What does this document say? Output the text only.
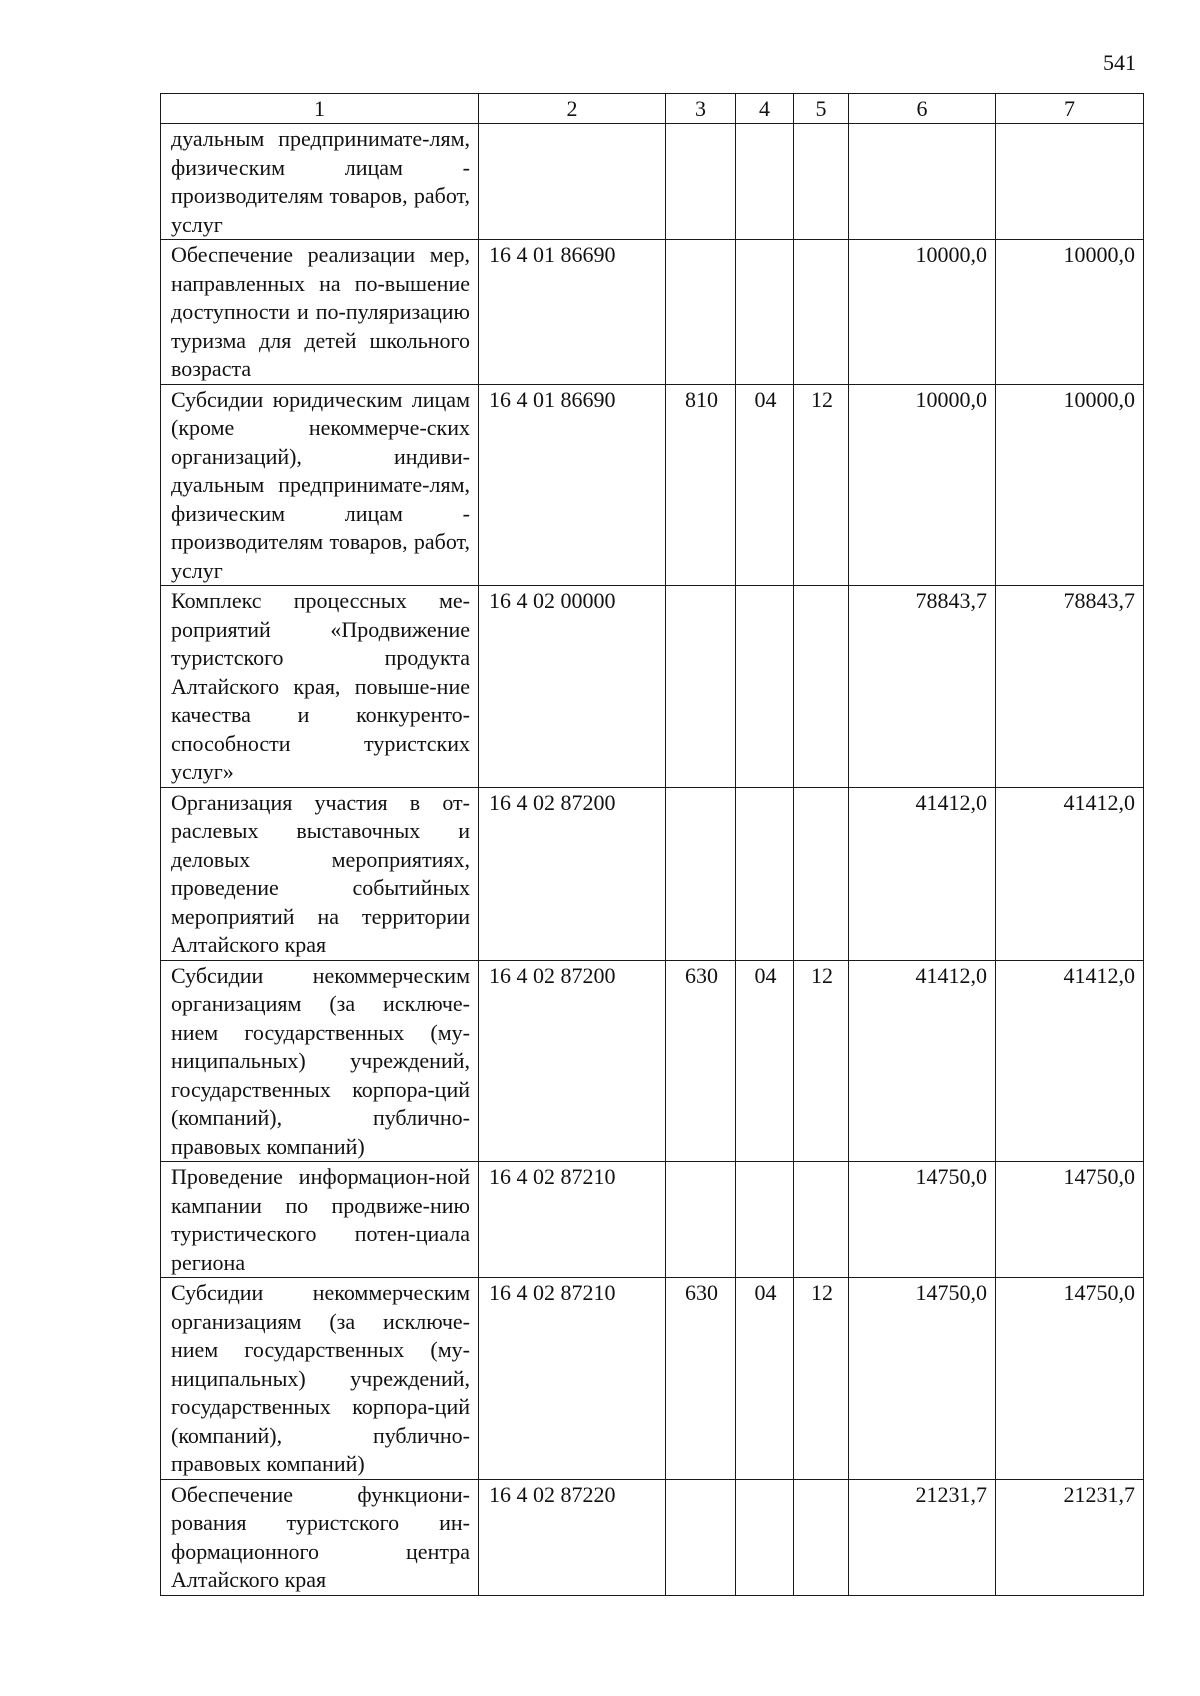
541
1	2	3	4	5	6	7
дуальным предпринимате-лям, физическим лицам - производителям товаров, работ, услуг						
Обеспечение реализации мер, направленных на по-вышение доступности и по-пуляризацию туризма для детей школьного возраста	16 4 01 86690				10000,0	10000,0
Субсидии юридическим лицам (кроме некоммерче-ских организаций), индиви-дуальным предпринимате-лям, физическим лицам - производителям товаров, работ, услуг	16 4 01 86690	810	04	12	10000,0	10000,0
Комплекс процессных ме-роприятий «Продвижение туристского продукта Алтайского края, повыше-ние качества и конкуренто-способности туристских услуг»	16 4 02 00000				78843,7	78843,7
Организация участия в от-раслевых выставочных и деловых мероприятиях, проведение событийных мероприятий на территории Алтайского края	16 4 02 87200				41412,0	41412,0
Субсидии некоммерческим организациям (за исключе-нием государственных (му-ниципальных) учреждений, государственных корпора-ций (компаний), публично-правовых компаний)	16 4 02 87200	630	04	12	41412,0	41412,0
Проведение информацион-ной кампании по продвиже-нию туристического потен-циала региона	16 4 02 87210				14750,0	14750,0
Субсидии некоммерческим организациям (за исключе-нием государственных (му-ниципальных) учреждений, государственных корпора-ций (компаний), публично-правовых компаний)	16 4 02 87210	630	04	12	14750,0	14750,0
Обеспечение функциони-рования туристского ин-формационного центра Алтайского края	16 4 02 87220				21231,7	21231,7
